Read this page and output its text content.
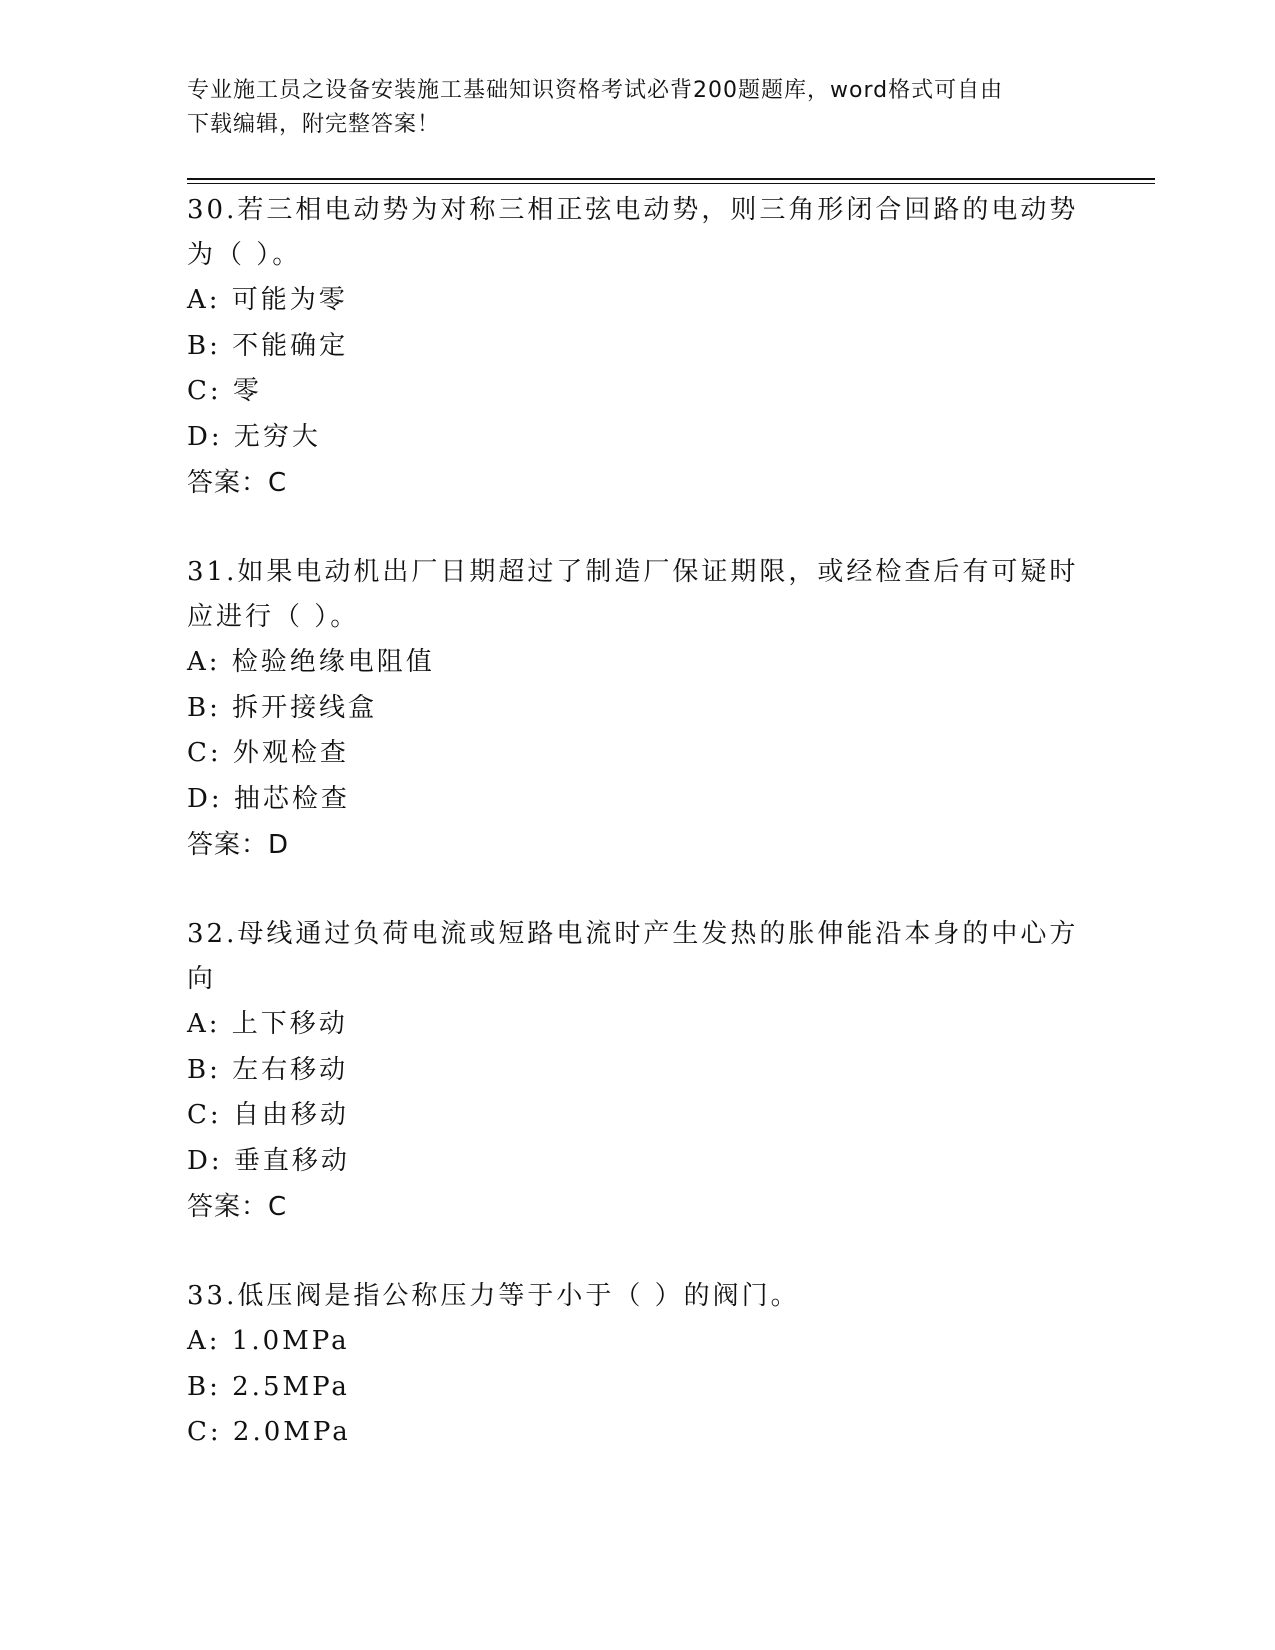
专业施工员之设备安装施工基础知识资格考试必背200题题库，word格式可自由
下载编辑，附完整答案！

30.若三相电动势为对称三相正弦电动势，则三角形闭合回路的电动势为（ ）。

A: 可能为零

B: 不能确定

C: 零

D: 无穷大

答案：C

31.如果电动机出厂日期超过了制造厂保证期限，或经检查后有可疑时应进行（ ）。

A: 检验绝缘电阻值

B: 拆开接线盒

C: 外观检查

D: 抽芯检查

答案：D

32.母线通过负荷电流或短路电流时产生发热的胀伸能沿本身的中心方向

A: 上下移动

B: 左右移动

C: 自由移动

D: 垂直移动

答案：C

33.低压阀是指公称压力等于小于（ ）的阀门。

A: 1.0MPa

B: 2.5MPa

C: 2.0MPa
